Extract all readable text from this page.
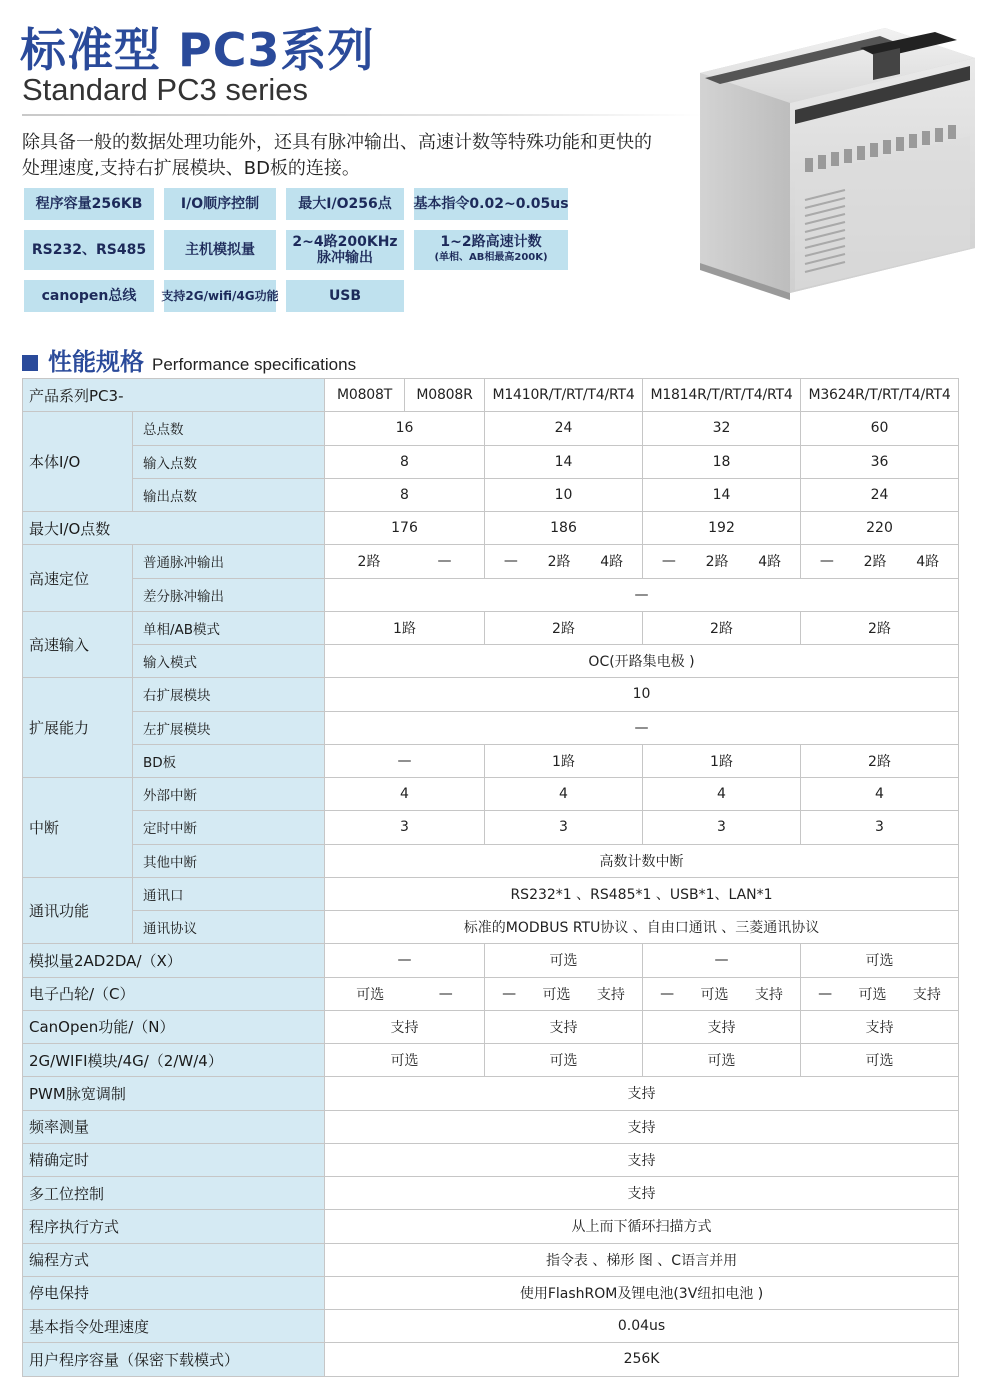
标准型 PC3系列
Standard PC3 series
除具备一般的数据处理功能外，还具有脉冲输出、高速计数等特殊功能和更快的处理速度,支持右扩展模块、BD板的连接。
程序容量256KB	I/O顺序控制	最大I/O256点	基本指令0.02~0.05us
RS232、RS485	主机模拟量	2~4路200KHz
脉冲输出
1~2路高速计数
(单相、AB相最高200K)
canopen总线	支持2G/wifi/4G功能	USB
性能规格 Performance specifications
产品系列PC3-		M0808T	M0808R	M1410R/T/RT/T4/RT4	M1814R/T/RT/T4/RT4	M3624R/T/RT/T4/RT4
本体I/O	总点数	16		24	32	60
	输入点数	8		14	18	36
	输出点数	8		10	14	24
最大I/O点数		176		186	192	220
高速定位	普通脉冲输出	2路 —		— 2路 4路	— 2路 4路	— 2路 4路

	差分脉冲输出	—				
高速输入	单相/AB模式	1路		2路	2路	2路
	输入模式	OC(开路集电极 )				
扩展能力	右扩展模块	10				
	左扩展模块	—				
	BD板	—		1路	1路	2路
中断	外部中断	4		4	4	4
	定时中断	3		3	3	3
	其他中断	高数计数中断				
通讯功能	通讯口	RS232*1 、RS485*1 、USB*1、LAN*1				
	通讯协议	标准的MODBUS RTU协议 、自由口通讯 、三菱通讯协议				
模拟量2AD2DA/（X）		—		可选	—	可选
电子凸轮/（C）		可选 —		— 可选 支持	— 可选 支持	— 可选 支持

CanOpen功能/（N）		支持		支持	支持	支持
2G/WIFI模块/4G/（2/W/4）		可选		可选	可选	可选
PWM脉宽调制		支持				
频率测量		支持				
精确定时		支持				
多工位控制		支持				
程序执行方式		从上而下循环扫描方式				
编程方式		指令表 、梯形 图 、C语言并用				
停电保持		使用FlashROM及锂电池(3V纽扣电池 )				
基本指令处理速度		0.04us				
用户程序容量（保密下载模式）		256K				
